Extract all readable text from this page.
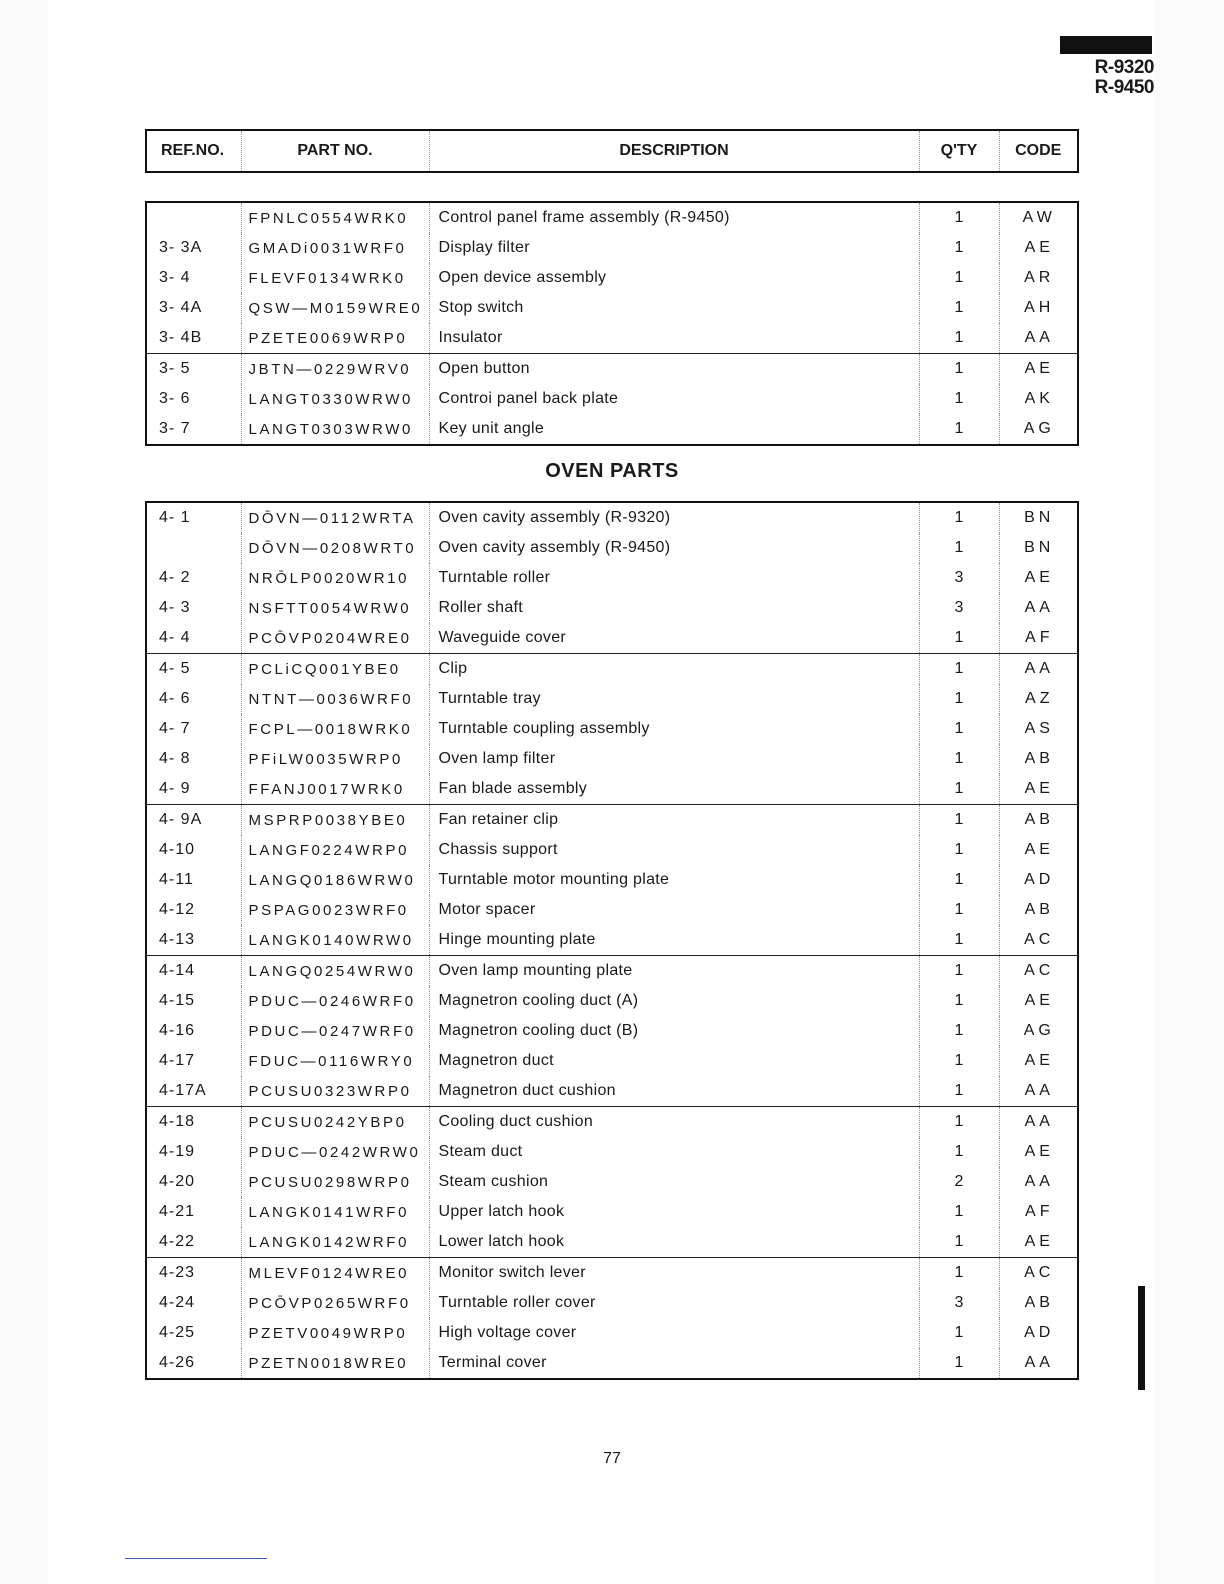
R-9320
R-9450
REF.NO.	PART NO.	DESCRIPTION	Q'TY	CODE
	FPNLC0554WRK0	Control panel frame assembly (R-9450)	1	AW
3- 3A	GMADi0031WRF0	Display filter	1	AE
3- 4	FLEVF0134WRK0	Open device assembly	1	AR
3- 4A	QSW—M0159WRE0	Stop switch	1	AH
3- 4B	PZETE0069WRP0	Insulator	1	AA
3- 5	JBTN—0229WRV0	Open button	1	AE
3- 6	LANGT0330WRW0	Controi panel back plate	1	AK
3- 7	LANGT0303WRW0	Key unit angle	1	AG
OVEN PARTS
4- 1	DŌVN—0112WRTA	Oven cavity assembly (R-9320)	1	BN
	DŌVN—0208WRT0	Oven cavity assembly (R-9450)	1	BN
4- 2	NRŌLP0020WR10	Turntable roller	3	AE
4- 3	NSFTT0054WRW0	Roller shaft	3	AA
4- 4	PCŌVP0204WRE0	Waveguide cover	1	AF
4- 5	PCLiCQ001YBE0	Clip	1	AA
4- 6	NTNT—0036WRF0	Turntable tray	1	AZ
4- 7	FCPL—0018WRK0	Turntable coupling assembly	1	AS
4- 8	PFiLW0035WRP0	Oven lamp filter	1	AB
4- 9	FFANJ0017WRK0	Fan blade assembly	1	AE
4- 9A	MSPRP0038YBE0	Fan retainer clip	1	AB
4-10	LANGF0224WRP0	Chassis support	1	AE
4-11	LANGQ0186WRW0	Turntable motor mounting plate	1	AD
4-12	PSPAG0023WRF0	Motor spacer	1	AB
4-13	LANGK0140WRW0	Hinge mounting plate	1	AC
4-14	LANGQ0254WRW0	Oven lamp mounting plate	1	AC
4-15	PDUC—0246WRF0	Magnetron cooling duct (A)	1	AE
4-16	PDUC—0247WRF0	Magnetron cooling duct (B)	1	AG
4-17	FDUC—0116WRY0	Magnetron duct	1	AE
4-17A	PCUSU0323WRP0	Magnetron duct cushion	1	AA
4-18	PCUSU0242YBP0	Cooling duct cushion	1	AA
4-19	PDUC—0242WRW0	Steam duct	1	AE
4-20	PCUSU0298WRP0	Steam cushion	2	AA
4-21	LANGK0141WRF0	Upper latch hook	1	AF
4-22	LANGK0142WRF0	Lower latch hook	1	AE
4-23	MLEVF0124WRE0	Monitor switch lever	1	AC
4-24	PCŌVP0265WRF0	Turntable roller cover	3	AB
4-25	PZETV0049WRP0	High voltage cover	1	AD
4-26	PZETN0018WRE0	Terminal cover	1	AA
77
